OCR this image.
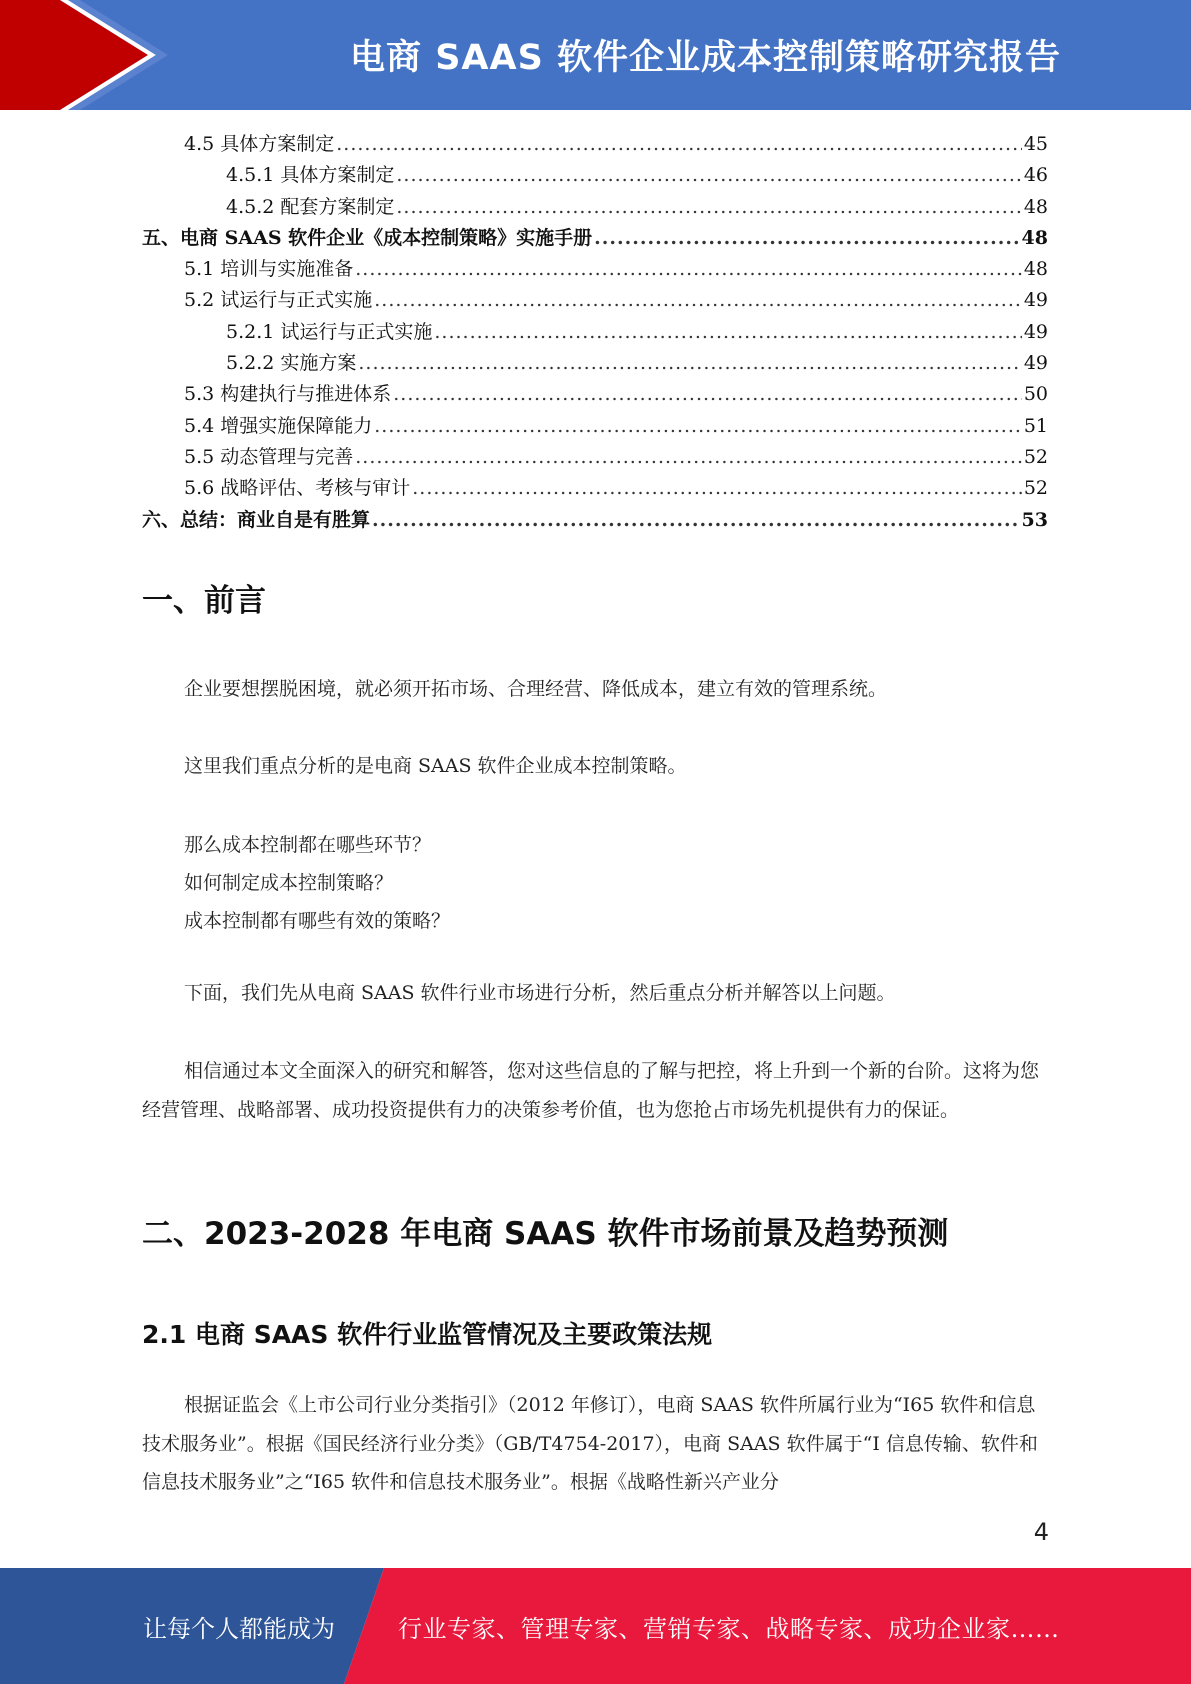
电商 SAAS 软件企业成本控制策略研究报告
4.5 具体方案制定 .....	45
4.5.1 具体方案制定 .....	46
4.5.2 配套方案制定 .....	48
五、电商 SAAS 软件企业《成本控制策略》实施手册 .....	48
5.1 培训与实施准备 .....	48
5.2 试运行与正式实施 .....	49
5.2.1 试运行与正式实施 .....	49
5.2.2 实施方案 .....	49
5.3 构建执行与推进体系 .....	50
5.4 增强实施保障能力 .....	51
5.5 动态管理与完善 .....	52
5.6 战略评估、考核与审计 .....	52
六、总结：商业自是有胜算 .....	53
一、前言

企业要想摆脱困境，就必须开拓市场、合理经营、降低成本，建立有效的管理系统。

这里我们重点分析的是电商 SAAS 软件企业成本控制策略。

那么成本控制都在哪些环节？
如何制定成本控制策略？
成本控制都有哪些有效的策略？

下面，我们先从电商 SAAS 软件行业市场进行分析，然后重点分析并解答以上问题。

相信通过本文全面深入的研究和解答，您对这些信息的了解与把控，将上升到一个新的台阶。这将为您经营管理、战略部署、成功投资提供有力的决策参考价值，也为您抢占市场先机提供有力的保证。

二、2023-2028 年电商 SAAS 软件市场前景及趋势预测
2.1 电商 SAAS 软件行业监管情况及主要政策法规

根据证监会《上市公司行业分类指引》（2012 年修订），电商 SAAS 软件所属行业为“I65 软件和信息技术服务业”。根据《国民经济行业分类》（GB/T4754-2017），电商 SAAS 软件属于“I 信息传输、软件和信息技术服务业”之“I65 软件和信息技术服务业”。根据《战略性新兴产业分

4
让每个人都能成为	行业专家、管理专家、营销专家、战略专家、成功企业家……
